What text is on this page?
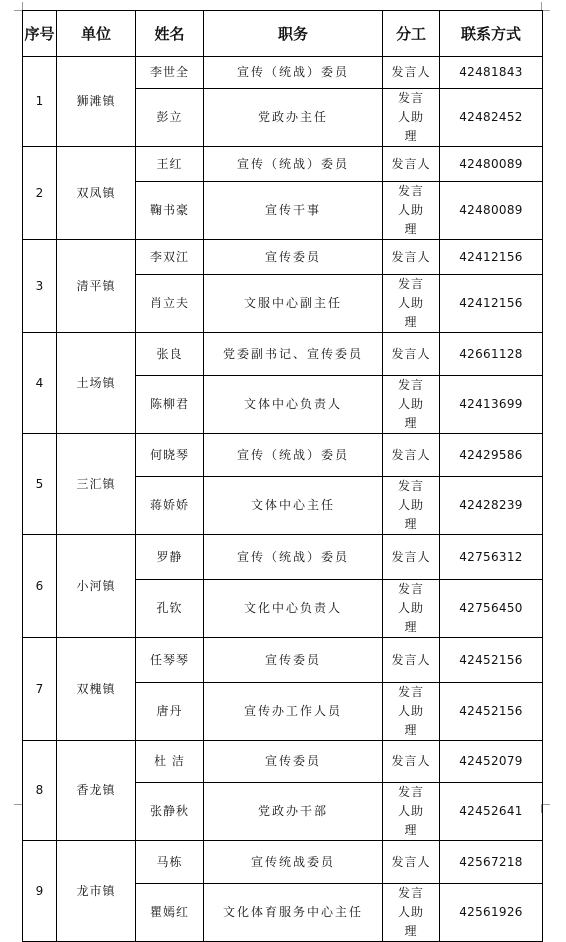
序号	单位	姓名	职务	分工	联系方式
1	狮滩镇	李世全	宣传（统战）委员	发言人	42481843
		彭立	党政办主任	发言人助理	42482452
2	双凤镇	王红	宣传（统战）委员	发言人	42480089
		鞠书豪	宣传干事	发言人助理	42480089
3	清平镇	李双江	宣传委员	发言人	42412156
		肖立夫	文服中心副主任	发言人助理	42412156
4	土场镇	张良	党委副书记、宣传委员	发言人	42661128
		陈柳君	文体中心负责人	发言人助理	42413699
5	三汇镇	何晓琴	宣传（统战）委员	发言人	42429586
		蒋娇娇	文体中心主任	发言人助理	42428239
6	小河镇	罗静	宣传（统战）委员	发言人	42756312
		孔钦	文化中心负责人	发言人助理	42756450
7	双槐镇	任琴琴	宣传委员	发言人	42452156
		唐丹	宣传办工作人员	发言人助理	42452156
8	香龙镇	杜 洁	宣传委员	发言人	42452079
		张静秋	党政办干部	发言人助理	42452641
9	龙市镇	马栋	宣传统战委员	发言人	42567218
		瞿嫣红	文化体育服务中心主任	发言人助理	42561926
